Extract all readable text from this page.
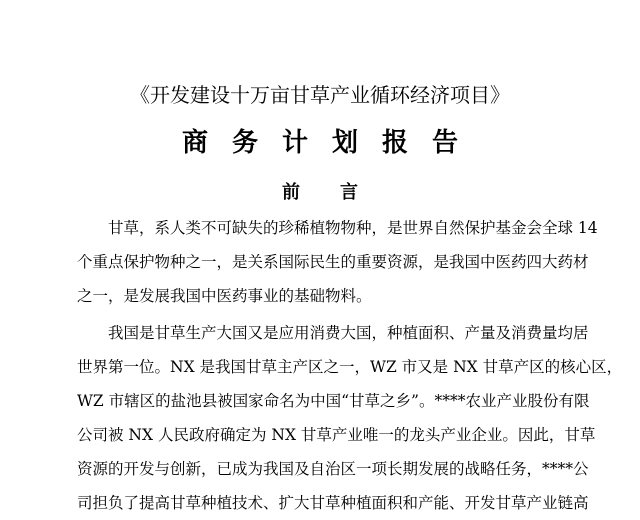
《开发建设十万亩甘草产业循环经济项目》
商务计划报告
前言
　　甘草，系人类不可缺失的珍稀植物物种，是世界自然保护基金会全球 14
个重点保护物种之一，是关系国际民生的重要资源，是我国中医药四大药材
之一，是发展我国中医药事业的基础物料。
　　我国是甘草生产大国又是应用消费大国，种植面积、产量及消费量均居
世界第一位。NX 是我国甘草主产区之一，WZ 市又是 NX 甘草产区的核心区，
WZ 市辖区的盐池县被国家命名为中国“甘草之乡”。****农业产业股份有限
公司被 NX 人民政府确定为 NX 甘草产业唯一的龙头产业企业。因此，甘草
资源的开发与创新，已成为我国及自治区一项长期发展的战略任务，****公
司担负了提高甘草种植技术、扩大甘草种植面积和产能、开发甘草产业链高
